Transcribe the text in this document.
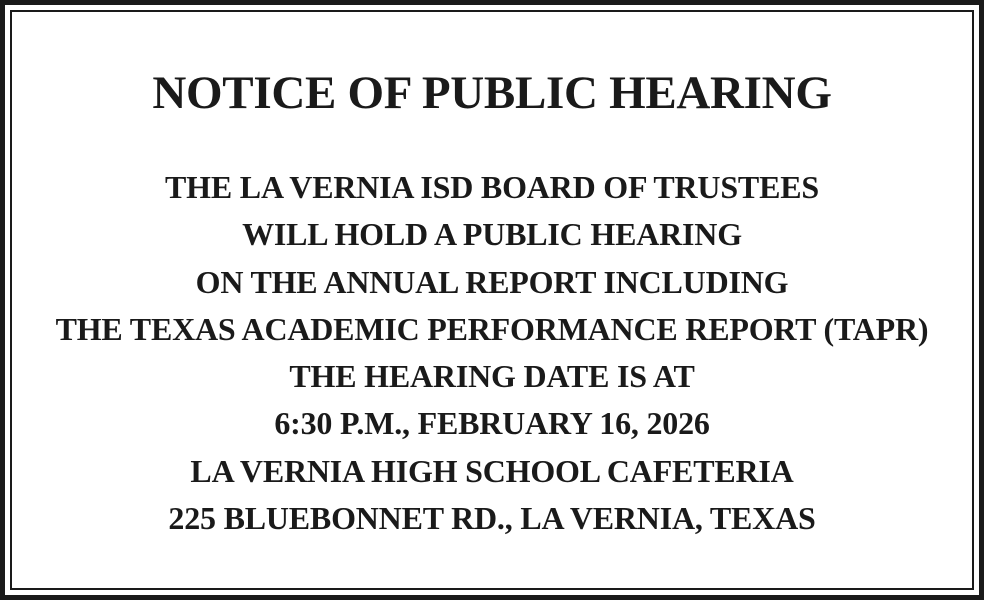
NOTICE OF PUBLIC HEARING
THE LA VERNIA ISD BOARD OF TRUSTEES
WILL HOLD A PUBLIC HEARING
ON THE ANNUAL REPORT INCLUDING
THE TEXAS ACADEMIC PERFORMANCE REPORT (TAPR)
THE HEARING DATE IS AT
6:30 P.M., FEBRUARY 16, 2026
LA VERNIA HIGH SCHOOL CAFETERIA
225 BLUEBONNET RD., LA VERNIA, TEXAS
